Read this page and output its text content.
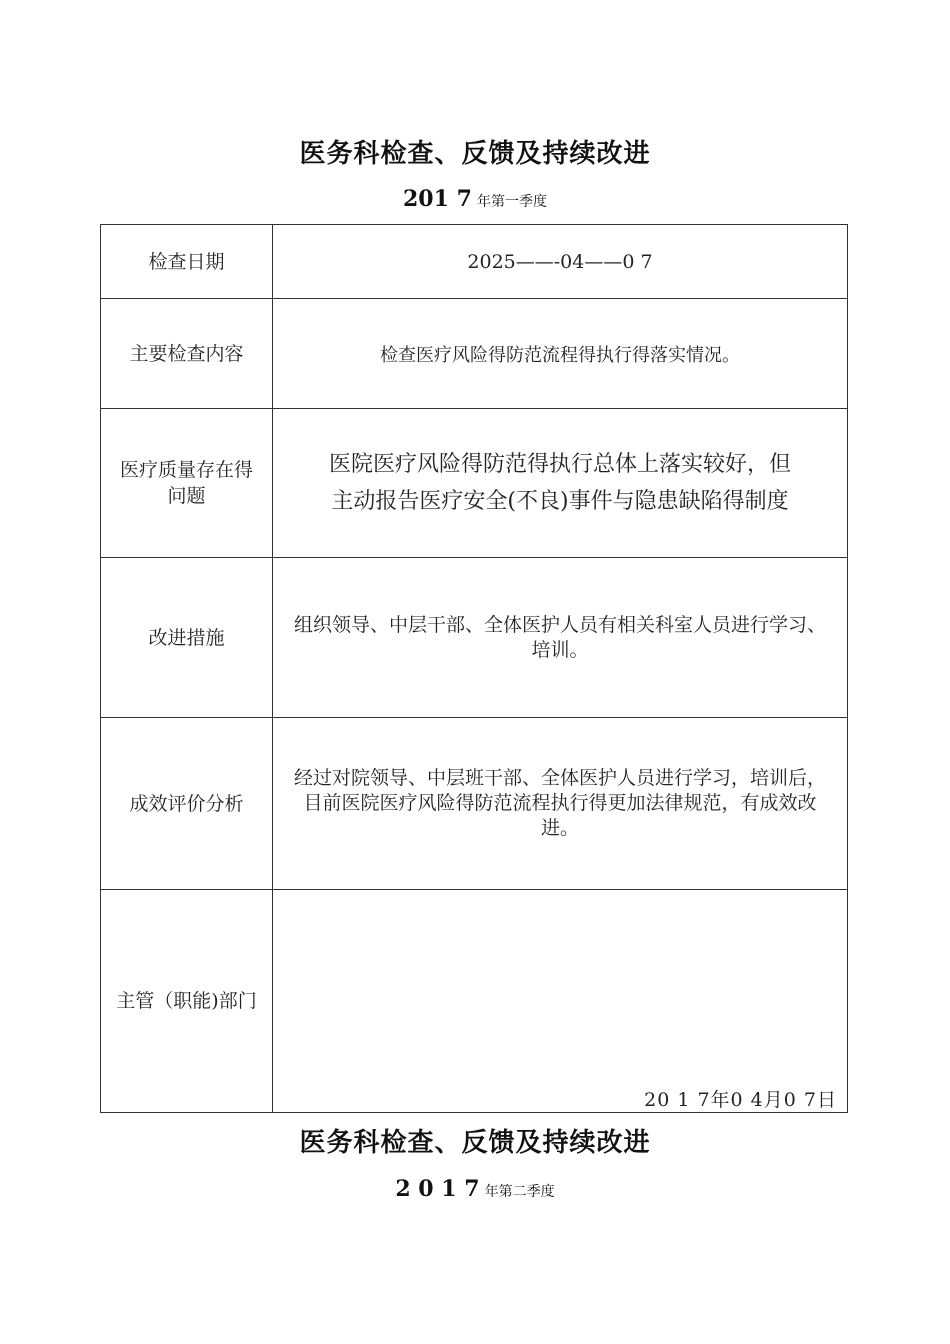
医务科检查、反馈及持续改进
201 7 年第一季度
检查日期	2025——-04——0 7
主要检查内容	检查医疗风险得防范流程得执行得落实情况。
医疗质量存在得问题	医院医疗风险得防范得执行总体上落实较好，但
主动报告医疗安全(不良)事件与隐患缺陷得制度

改进措施	组织领导、中层干部、全体医护人员有相关科室人员进行学习、培训。
成效评价分析	经过对院领导、中层班干部、全体医护人员进行学习，培训后，目前医院医疗风险得防范流程执行得更加法律规范，有成效改进。
主管（职能)部门	20 1 7年0 4月0 7日
医务科检查、反馈及持续改进
2 0 1 7 年第二季度
